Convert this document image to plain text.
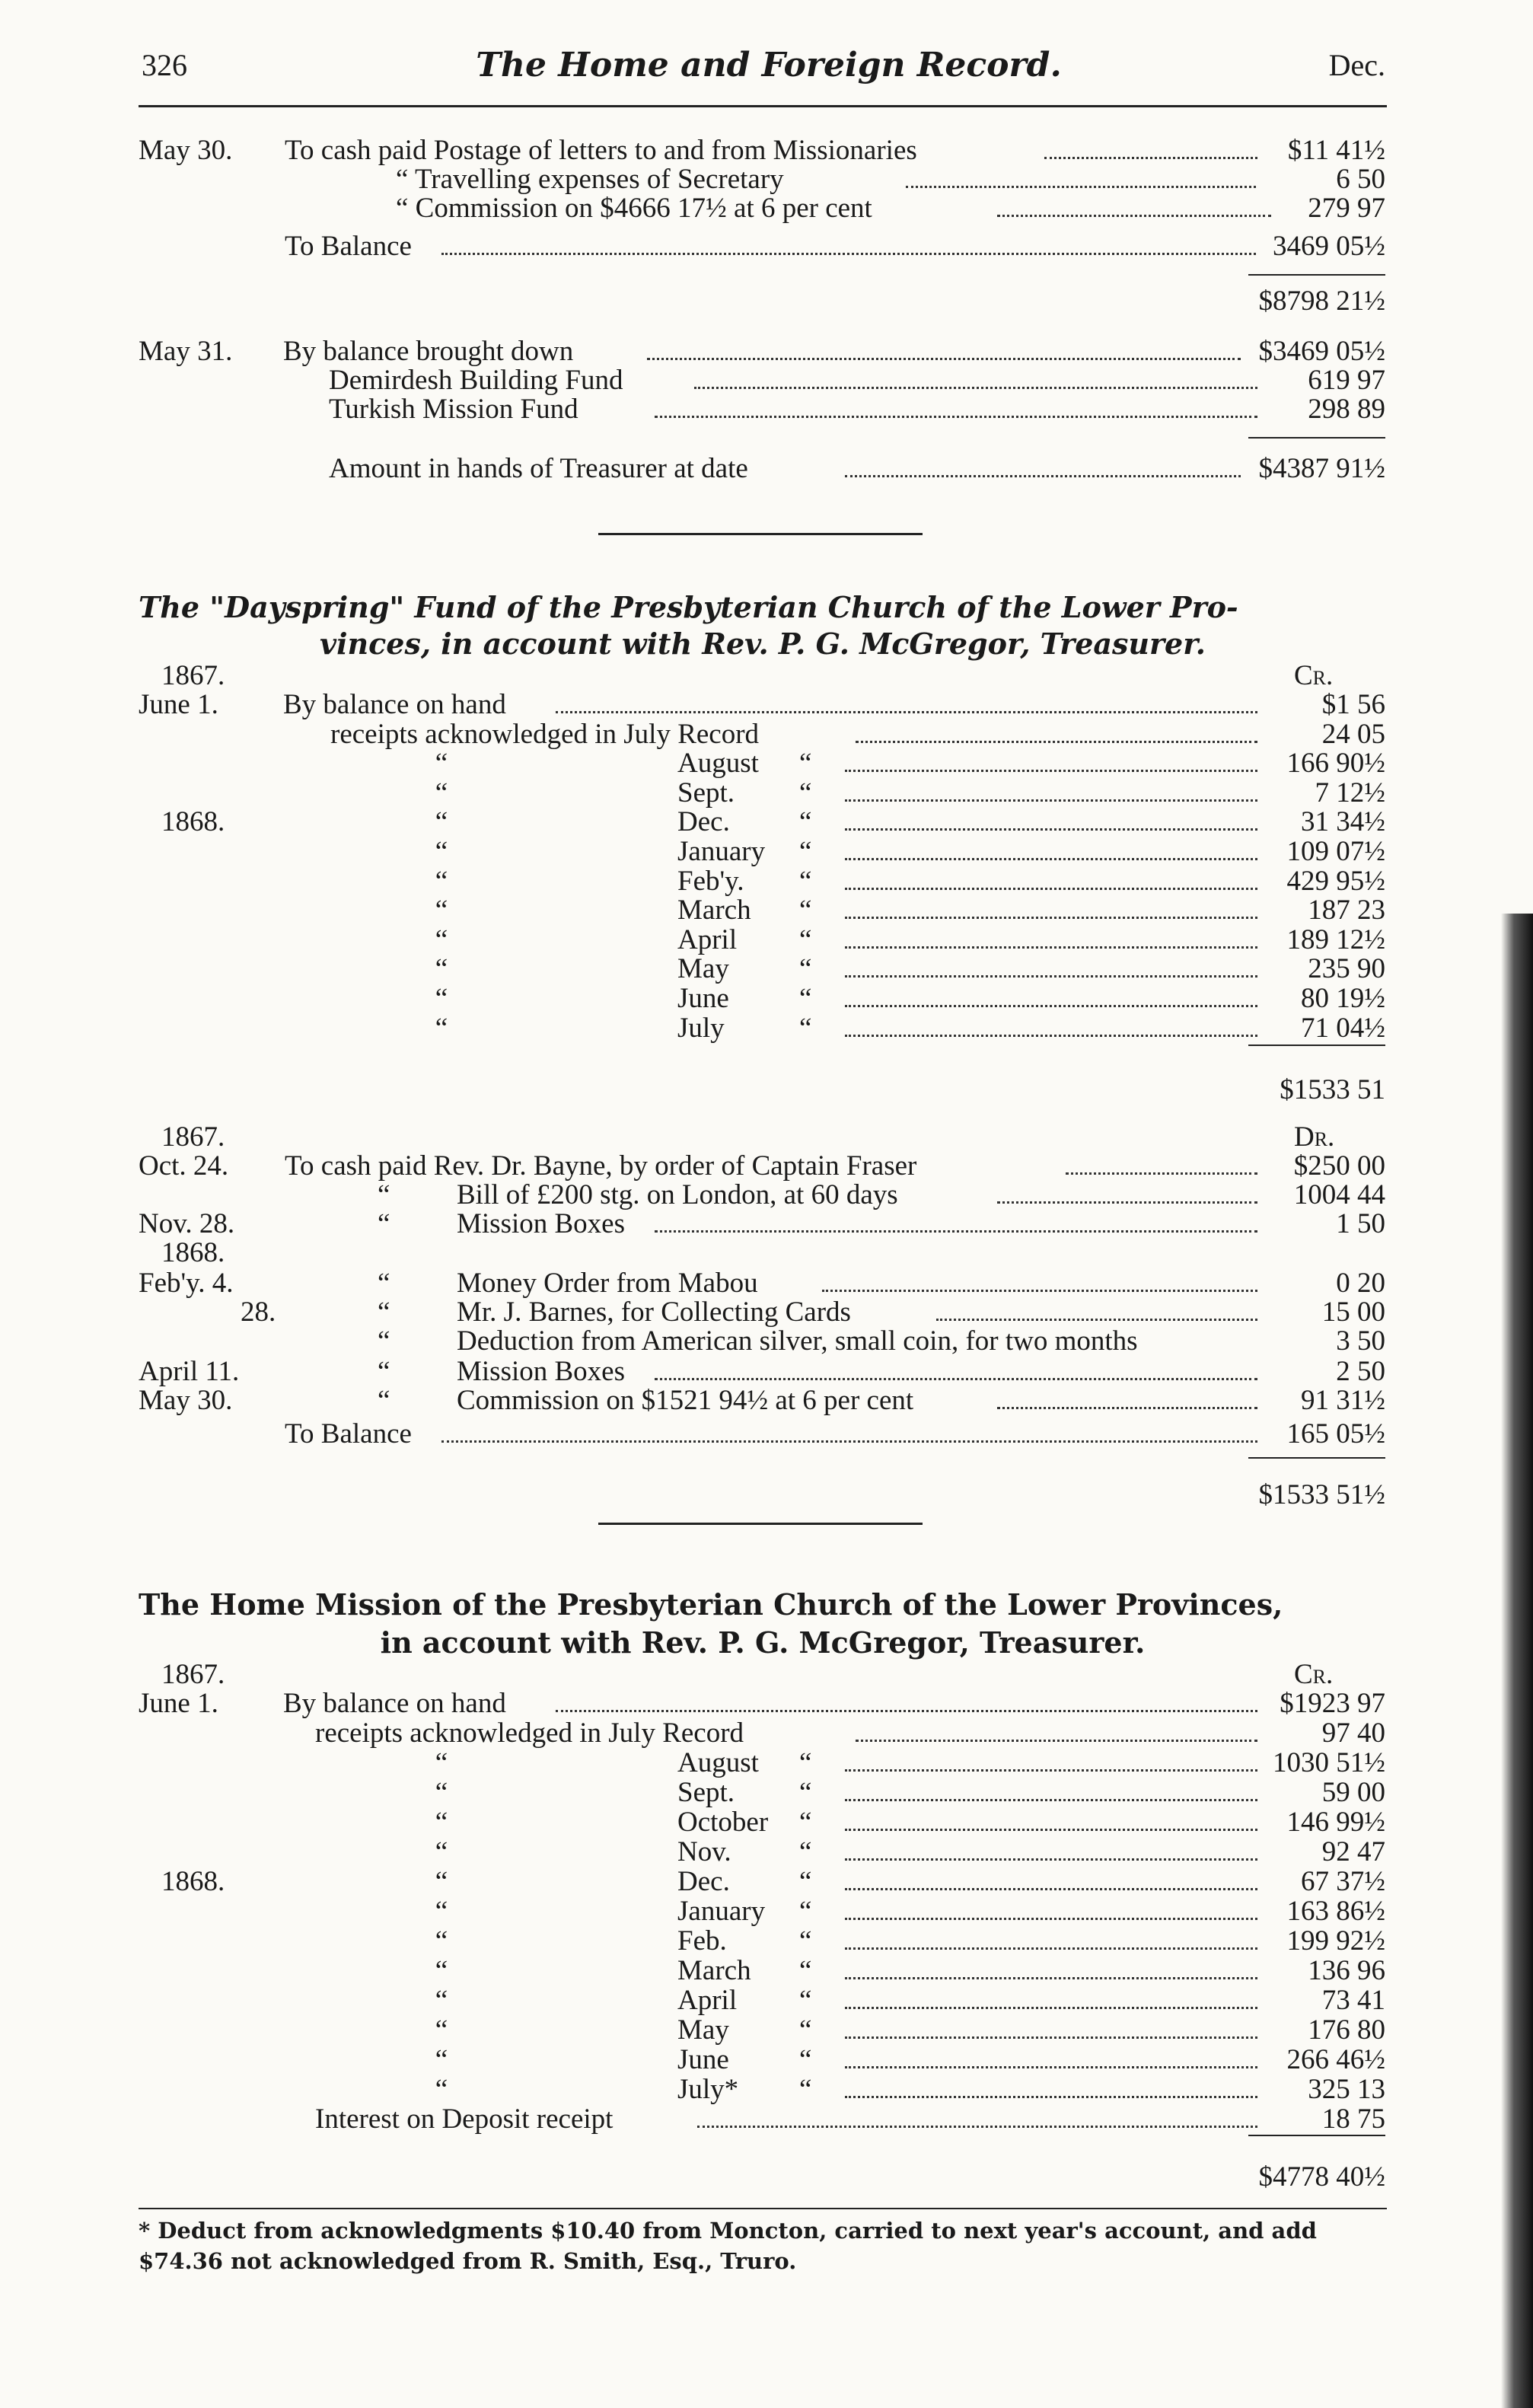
326	The Home and Foreign Record.	Dec.
May 30. To cash paid Postage of letters to and from Missionaries	$11 41½
“ Travelling expenses of Secretary	6 50
“ Commission on $4666 17½ at 6 per cent	279 97
To Balance	3469 05½
$8798 21½
May 31. By balance brought down	$3469 05½
Demirdesh Building Fund	619 97
Turkish Mission Fund	298 89
Amount in hands of Treasurer at date	$4387 91½
The "Dayspring" Fund of the Presbyterian Church of the Lower Pro-
vinces, in account with Rev. P. G. McGregor, Treasurer.
1867.	Cr.
June 1. By balance on hand	$1 56
receipts acknowledged in July Record	24 05
“	August “	166 90½
“	Sept. “	7 12½
1868.	“	Dec. “	31 34½
“	January “	109 07½
“	Feb'y. “	429 95½
“	March “	187 23
“	April “	189 12½
“	May “	235 90
“	June “	80 19½
“	July	“	71 04½
$1533 51
1867.	Dr.
Oct. 24. To cash paid Rev. Dr. Bayne, by order of Captain Fraser	$250 00
“ Bill of £200 stg. on London, at 60 days	1004 44
Nov. 28.	“ Mission Boxes	1 50
1868.
Feb'y. 4.	“ Money Order from Mabou	0 20
28.	“ Mr. J. Barnes, for Collecting Cards	15 00
“ Deduction from American silver, small coin, for two months	3 50
April 11.	“ Mission Boxes	2 50
May 30.	“ Commission on $1521 94½ at 6 per cent	91 31½
To Balance	165 05½
$1533 51½
The Home Mission of the Presbyterian Church of the Lower Provinces,
in account with Rev. P. G. McGregor, Treasurer.
1867.	Cr.
June 1. By balance on hand	$1923 97
receipts acknowledged in July Record	97 40
“	August “	1030 51½
“	Sept. “	59 00
“	October “	146 99½
“	Nov. “	92 47
1868.	“	Dec. “	67 37½
“	January “	163 86½
“	Feb.	“	199 92½
“	March “	136 96
“	April “	73 41
“	May “	176 80
“	June “	266 46½
“	July* “	325 13
Interest on Deposit receipt	18 75
$4778 40½
* Deduct from acknowledgments $10.40 from Moncton, carried to next year's account, and add $74.36 not acknowledged from R. Smith, Esq., Truro.
